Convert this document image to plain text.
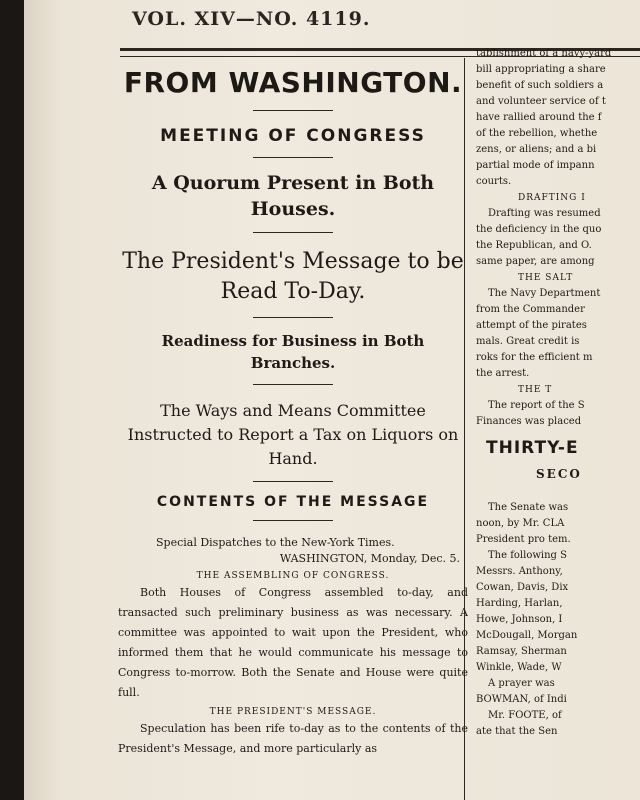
VOL. XIV—NO. 4119.
FROM WASHINGTON.
MEETING OF CONGRESS
A Quorum Present in Both Houses.
The President's Message to be Read To-Day.
Readiness for Business in Both Branches.
The Ways and Means Committee Instructed to Report a Tax on Liquors on Hand.
CONTENTS OF THE MESSAGE
Special Dispatches to the New-York Times.
WASHINGTON, Monday, Dec. 5.
THE ASSEMBLING OF CONGRESS.
Both Houses of Congress assembled to-day, and transacted such preliminary business as was necessary. A committee was appointed to wait upon the President, who informed them that he would communicate his message to Congress to-morrow. Both the Senate and House were quite full.
THE PRESIDENT'S MESSAGE.
Speculation has been rife to-day as to the contents of the President's Message, and more particularly as
tablishment of a navy-yard
bill appropriating a share
benefit of such soldiers a
and volunteer service of t
have rallied around the f
of the rebellion, whethe
zens, or aliens; and a bi
partial mode of impann
courts.
DRAFTING I
Drafting was resumed
the deficiency in the quo
the Republican, and O.
same paper, are among
THE SALT
The Navy Department
from the Commander
attempt of the pirates
mals. Great credit is
roks for the efficient m
the arrest.
THE T
The report of the S
Finances was placed
THIRTY-E
SECO
The Senate was
noon, by Mr. CLA
President pro tem.
The following S
Messrs. Anthony,
Cowan, Davis, Dix
Harding, Harlan,
Howe, Johnson, I
McDougall, Morgan
Ramsay, Sherman
Winkle, Wade, W
A prayer was
BOWMAN, of Indi
Mr. FOOTE, of
ate that the Sen
